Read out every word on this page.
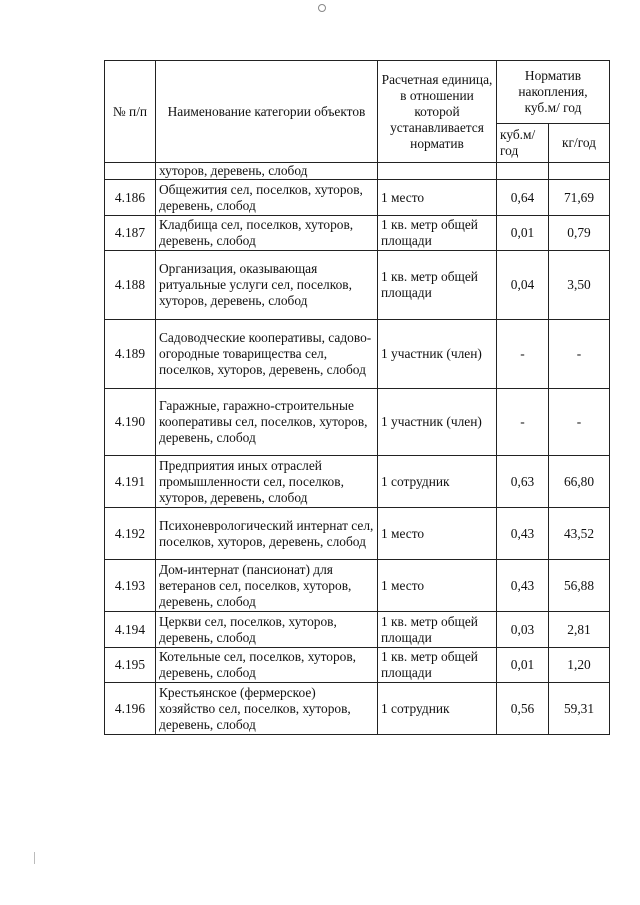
№ п/п	Наименование категории объектов	Расчетная единица, в отношении которой устанавливается норматив	Норматив накопления, куб.м/ год	
			куб.м/ год	кг/год
	хуторов, деревень, слобод			
4.186	Общежития сел, поселков, хуторов, деревень, слобод	1 место	0,64	71,69
4.187	Кладбища сел, поселков, хуторов, деревень, слобод	1 кв. метр общей площади	0,01	0,79
4.188	Организация, оказывающая ритуальные услуги сел, поселков, хуторов, деревень, слобод	1 кв. метр общей площади	0,04	3,50
4.189	Садоводческие кооперативы, садово-огородные товарищества сел, поселков, хуторов, деревень, слобод	1 участник (член)	-	-
4.190	Гаражные, гаражно-строительные кооперативы сел, поселков, хуторов, деревень, слобод	1 участник (член)	-	-
4.191	Предприятия иных отраслей промышленности сел, поселков, хуторов, деревень, слобод	1 сотрудник	0,63	66,80
4.192	Психоневрологический интернат сел, поселков, хуторов, деревень, слобод	1 место	0,43	43,52
4.193	Дом-интернат (пансионат) для ветеранов сел, поселков, хуторов, деревень, слобод	1 место	0,43	56,88
4.194	Церкви сел, поселков, хуторов, деревень, слобод	1 кв. метр общей площади	0,03	2,81
4.195	Котельные сел, поселков, хуторов, деревень, слобод	1 кв. метр общей площади	0,01	1,20
4.196	Крестьянское (фермерское) хозяйство сел, поселков, хуторов, деревень, слобод	1 сотрудник	0,56	59,31
